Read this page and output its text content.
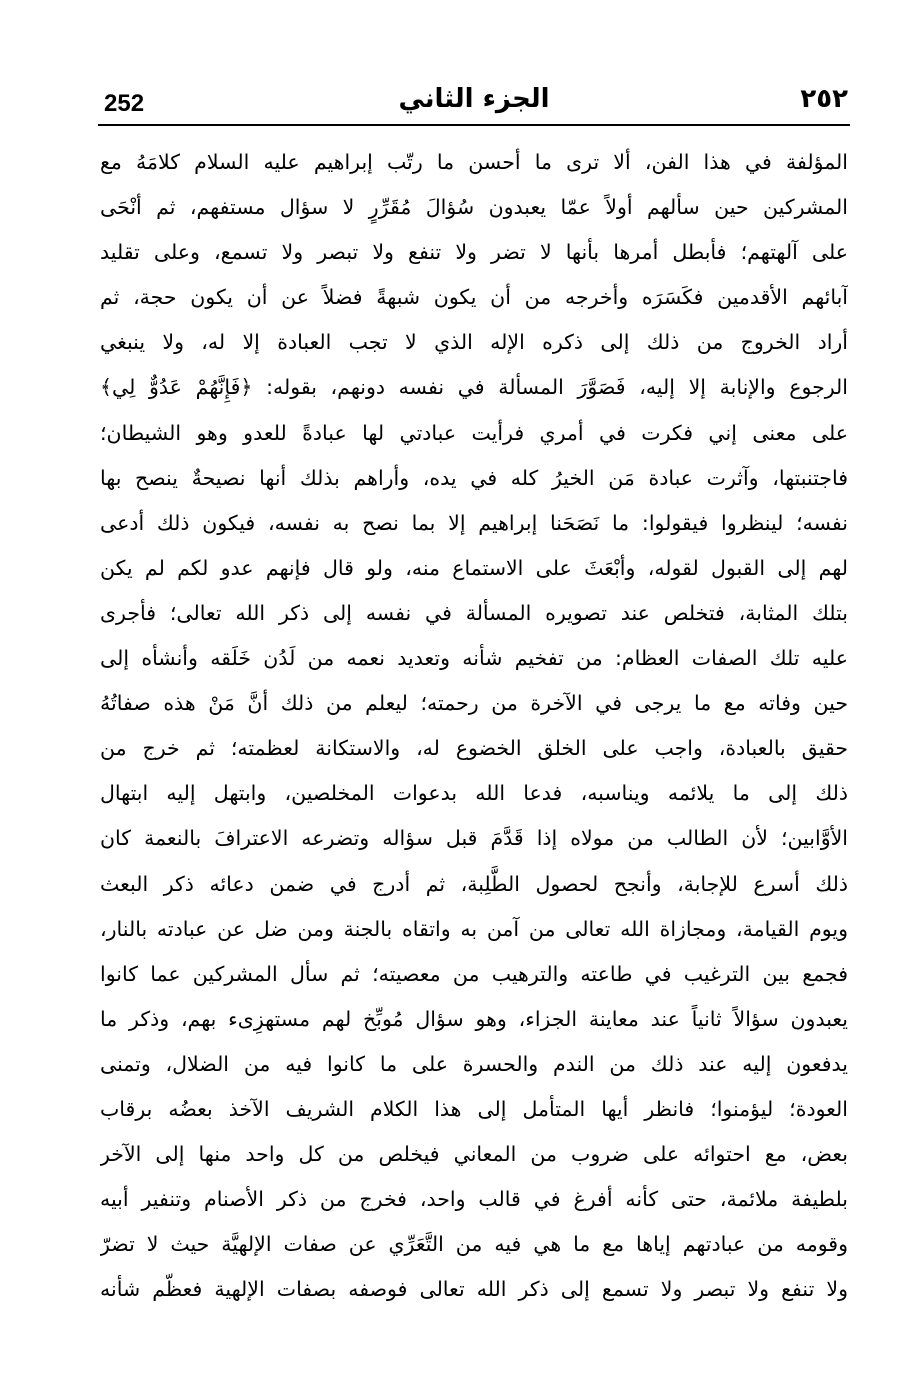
252	الجزء الثاني	٢٥٢
المؤلفة في هذا الفن، ألا ترى ما أحسن ما رتّب إبراهيم عليه السلام كلامَهُ مع
المشركين حين سألهم أولاً عمّا يعبدون سُؤالَ مُقَرِّرٍ لا سؤال مستفهم، ثم أنْحَى
على آلهتهم؛ فأبطل أمرها بأنها لا تضر ولا تنفع ولا تبصر ولا تسمع، وعلى تقليد
آبائهم الأقدمين فكَسَرَه وأخرجه من أن يكون شبهةً فضلاً عن أن يكون حجة، ثم
أراد الخروج من ذلك إلى ذكره الإله الذي لا تجب العبادة إلا له، ولا ينبغي
الرجوع والإنابة إلا إليه، فَصَوَّرَ المسألة في نفسه دونهم، بقوله: ﴿فَإِنَّهُمْ عَدُوٌّ لِي﴾
على معنى إني فكرت في أمري فرأيت عبادتي لها عبادةً للعدو وهو الشيطان؛
فاجتنبتها، وآثرت عبادة مَن الخيرُ كله في يده، وأراهم بذلك أنها نصيحةٌ ينصح بها
نفسه؛ لينظروا فيقولوا: ما نَصَحَنا إبراهيم إلا بما نصح به نفسه، فيكون ذلك أدعى
لهم إلى القبول لقوله، وأبْعَثَ على الاستماع منه، ولو قال فإنهم عدو لكم لم يكن
بتلك المثابة، فتخلص عند تصويره المسألة في نفسه إلى ذكر الله تعالى؛ فأجرى
عليه تلك الصفات العظام: من تفخيم شأنه وتعديد نعمه من لَدُن خَلَقه وأنشأه إلى
حين وفاته مع ما يرجى في الآخرة من رحمته؛ ليعلم من ذلك أنَّ مَنْ هذه صفاتُهُ
حقيق بالعبادة، واجب على الخلق الخضوع له، والاستكانة لعظمته؛ ثم خرج من
ذلك إلى ما يلائمه ويناسبه، فدعا الله بدعوات المخلصين، وابتهل إليه ابتهال
الأوَّابين؛ لأن الطالب من مولاه إذا قَدَّمَ قبل سؤاله وتضرعه الاعترافَ بالنعمة كان
ذلك أسرع للإجابة، وأنجح لحصول الطَّلِبة، ثم أدرج في ضمن دعائه ذكر البعث
ويوم القيامة، ومجازاة الله تعالى من آمن به واتقاه بالجنة ومن ضل عن عبادته بالنار،
فجمع بين الترغيب في طاعته والترهيب من معصيته؛ ثم سأل المشركين عما كانوا
يعبدون سؤالاً ثانياً عند معاينة الجزاء، وهو سؤال مُوبِّخ لهم مستهزِىء بهم، وذكر ما
يدفعون إليه عند ذلك من الندم والحسرة على ما كانوا فيه من الضلال، وتمنى
العودة؛ ليؤمنوا؛ فانظر أيها المتأمل إلى هذا الكلام الشريف الآخذ بعضُه برقاب
بعض، مع احتوائه على ضروب من المعاني فيخلص من كل واحد منها إلى الآخر
بلطيفة ملائمة، حتى كأنه أفرغ في قالب واحد، فخرج من ذكر الأصنام وتنفير أبيه
وقومه من عبادتهم إياها مع ما هي فيه من التَّعَرِّي عن صفات الإلهيَّة حيث لا تضرّ
ولا تنفع ولا تبصر ولا تسمع إلى ذكر الله تعالى فوصفه بصفات الإلهية فعظّم شأنه
